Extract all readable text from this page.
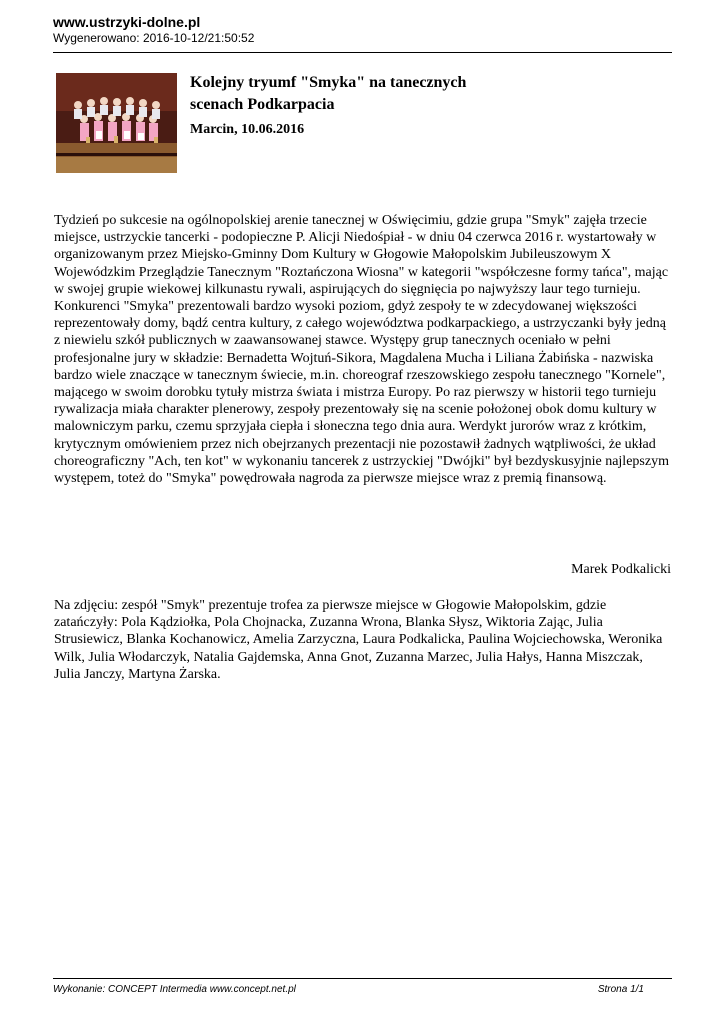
www.ustrzyki-dolne.pl
Wygenerowano: 2016-10-12/21:50:52
Kolejny tryumf "Smyka" na tanecznych
scenach Podkarpacia
Marcin, 10.06.2016

Tydzień po sukcesie na ogólnopolskiej arenie tanecznej w Oświęcimiu, gdzie grupa "Smyk" zajęła trzecie miejsce, ustrzyckie tancerki - podopieczne P. Alicji Niedośpiał - w dniu 04 czerwca 2016 r. wystartowały w organizowanym przez Miejsko-Gminny Dom Kultury w Głogowie Małopolskim Jubileuszowym X Wojewódzkim Przeglądzie Tanecznym "Roztańczona Wiosna" w kategorii "współczesne formy tańca", mając w swojej grupie wiekowej kilkunastu rywali, aspirujących do sięgnięcia po najwyższy laur tego turnieju. Konkurenci "Smyka" prezentowali bardzo wysoki poziom, gdyż zespoły te w zdecydowanej większości reprezentowały domy, bądź centra kultury, z całego województwa podkarpackiego, a ustrzyczanki były jedną z niewielu szkół publicznych w zaawansowanej stawce. Występy grup tanecznych oceniało w pełni profesjonalne jury w składzie: Bernadetta Wojtuń-Sikora, Magdalena Mucha i Liliana Żabińska - nazwiska bardzo wiele znaczące w tanecznym świecie, m.in. choreograf rzeszowskiego zespołu tanecznego "Kornele", mającego w swoim dorobku tytuły mistrza świata i mistrza Europy. Po raz pierwszy w historii tego turnieju rywalizacja miała charakter plenerowy, zespoły prezentowały się na scenie położonej obok domu kultury w malowniczym parku, czemu sprzyjała ciepła i słoneczna tego dnia aura. Werdykt jurorów wraz z krótkim, krytycznym omówieniem przez nich obejrzanych prezentacji nie pozostawił żadnych wątpliwości, że układ choreograficzny "Ach, ten kot" w wykonaniu tancerek z ustrzyckiej "Dwójki" był bezdyskusyjnie najlepszym występem, toteż do "Smyka" powędrowała nagroda za pierwsze miejsce wraz z premią finansową.

Marek Podkalicki

Na zdjęciu: zespół "Smyk" prezentuje trofea za pierwsze miejsce w Głogowie Małopolskim, gdzie zatańczyły: Pola Kądziołka, Pola Chojnacka, Zuzanna Wrona, Blanka Słysz, Wiktoria Zając, Julia Strusiewicz, Blanka Kochanowicz, Amelia Zarzyczna, Laura Podkalicka, Paulina Wojciechowska, Weronika Wilk, Julia Włodarczyk, Natalia Gajdemska, Anna Gnot, Zuzanna Marzec, Julia Hałys, Hanna Miszczak, Julia Janczy, Martyna Żarska.

Wykonanie: CONCEPT Intermedia www.concept.net.pl	Strona 1/1
